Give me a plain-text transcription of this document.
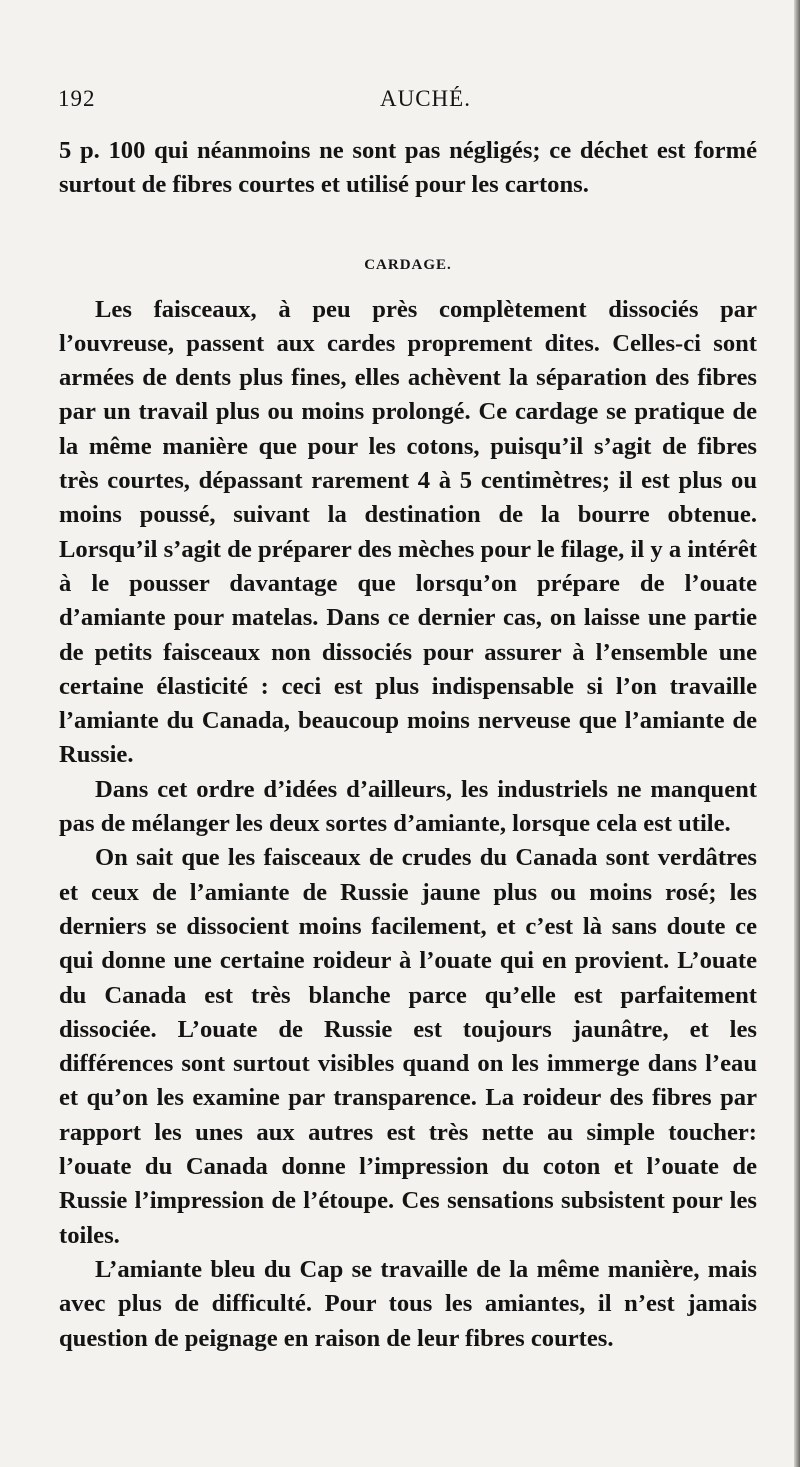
192	AUCHÉ.

5 p. 100 qui néanmoins ne sont pas négligés; ce déchet est formé surtout de fibres courtes et utilisé pour les cartons.

CARDAGE.

Les faisceaux, à peu près complètement dissociés par l’ouvreuse, passent aux cardes proprement dites. Celles-ci sont armées de dents plus fines, elles achèvent la séparation des fibres par un travail plus ou moins prolongé. Ce cardage se pratique de la même manière que pour les cotons, puisqu’il s’agit de fibres très courtes, dépassant rarement 4 à 5 centimètres; il est plus ou moins poussé, suivant la destination de la bourre obtenue. Lorsqu’il s’agit de préparer des mèches pour le filage, il y a intérêt à le pousser davantage que lorsqu’on prépare de l’ouate d’amiante pour matelas. Dans ce dernier cas, on laisse une partie de petits faisceaux non dissociés pour assurer à l’ensemble une certaine élasticité : ceci est plus indispensable si l’on travaille l’amiante du Canada, beaucoup moins nerveuse que l’amiante de Russie.

Dans cet ordre d’idées d’ailleurs, les industriels ne manquent pas de mélanger les deux sortes d’amiante, lorsque cela est utile.

On sait que les faisceaux de crudes du Canada sont verdâtres et ceux de l’amiante de Russie jaune plus ou moins rosé; les derniers se dissocient moins facilement, et c’est là sans doute ce qui donne une certaine roideur à l’ouate qui en provient. L’ouate du Canada est très blanche parce qu’elle est parfaitement dissociée. L’ouate de Russie est toujours jaunâtre, et les différences sont surtout visibles quand on les immerge dans l’eau et qu’on les examine par transparence. La roideur des fibres par rapport les unes aux autres est très nette au simple toucher: l’ouate du Canada donne l’impression du coton et l’ouate de Russie l’impression de l’étoupe. Ces sensations subsistent pour les toiles.

L’amiante bleu du Cap se travaille de la même manière, mais avec plus de difficulté. Pour tous les amiantes, il n’est jamais question de peignage en raison de leur fibres courtes.
